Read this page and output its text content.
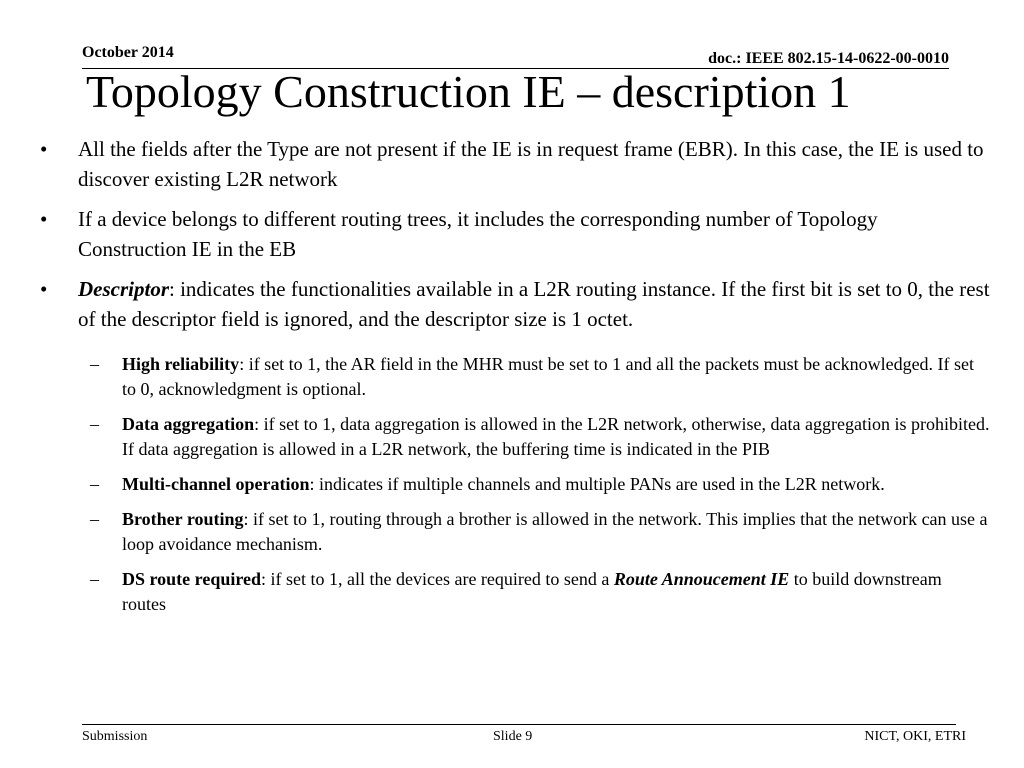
October 2014	doc.: IEEE 802.15-14-0622-00-0010
Topology Construction IE – description 1
•	All the fields after the Type are not present if the IE is in request frame (EBR). In this case, the IE is used to discover existing L2R network
•	If a device belongs to different routing trees, it includes the corresponding number of Topology Construction IE in the EB
•	Descriptor: indicates the functionalities available in a L2R routing instance. If the first bit is set to 0, the rest of the descriptor field is ignored, and the descriptor size is 1 octet.
–	High reliability: if set to 1, the AR field in the MHR must be set to 1 and all the packets must be acknowledged. If set to 0, acknowledgment is optional.
–	Data aggregation: if set to 1, data aggregation is allowed in the L2R network, otherwise, data aggregation is prohibited. If data aggregation is allowed in a L2R network, the buffering time is indicated in the PIB
–	Multi-channel operation: indicates if multiple channels and multiple PANs are used in the L2R network.
–	Brother routing: if set to 1, routing through a brother is allowed in the network. This implies that the network can use a loop avoidance mechanism.
–	DS route required: if set to 1, all the devices are required to send a Route Annoucement IE to build downstream routes
Submission	Slide 9	NICT, OKI, ETRI
